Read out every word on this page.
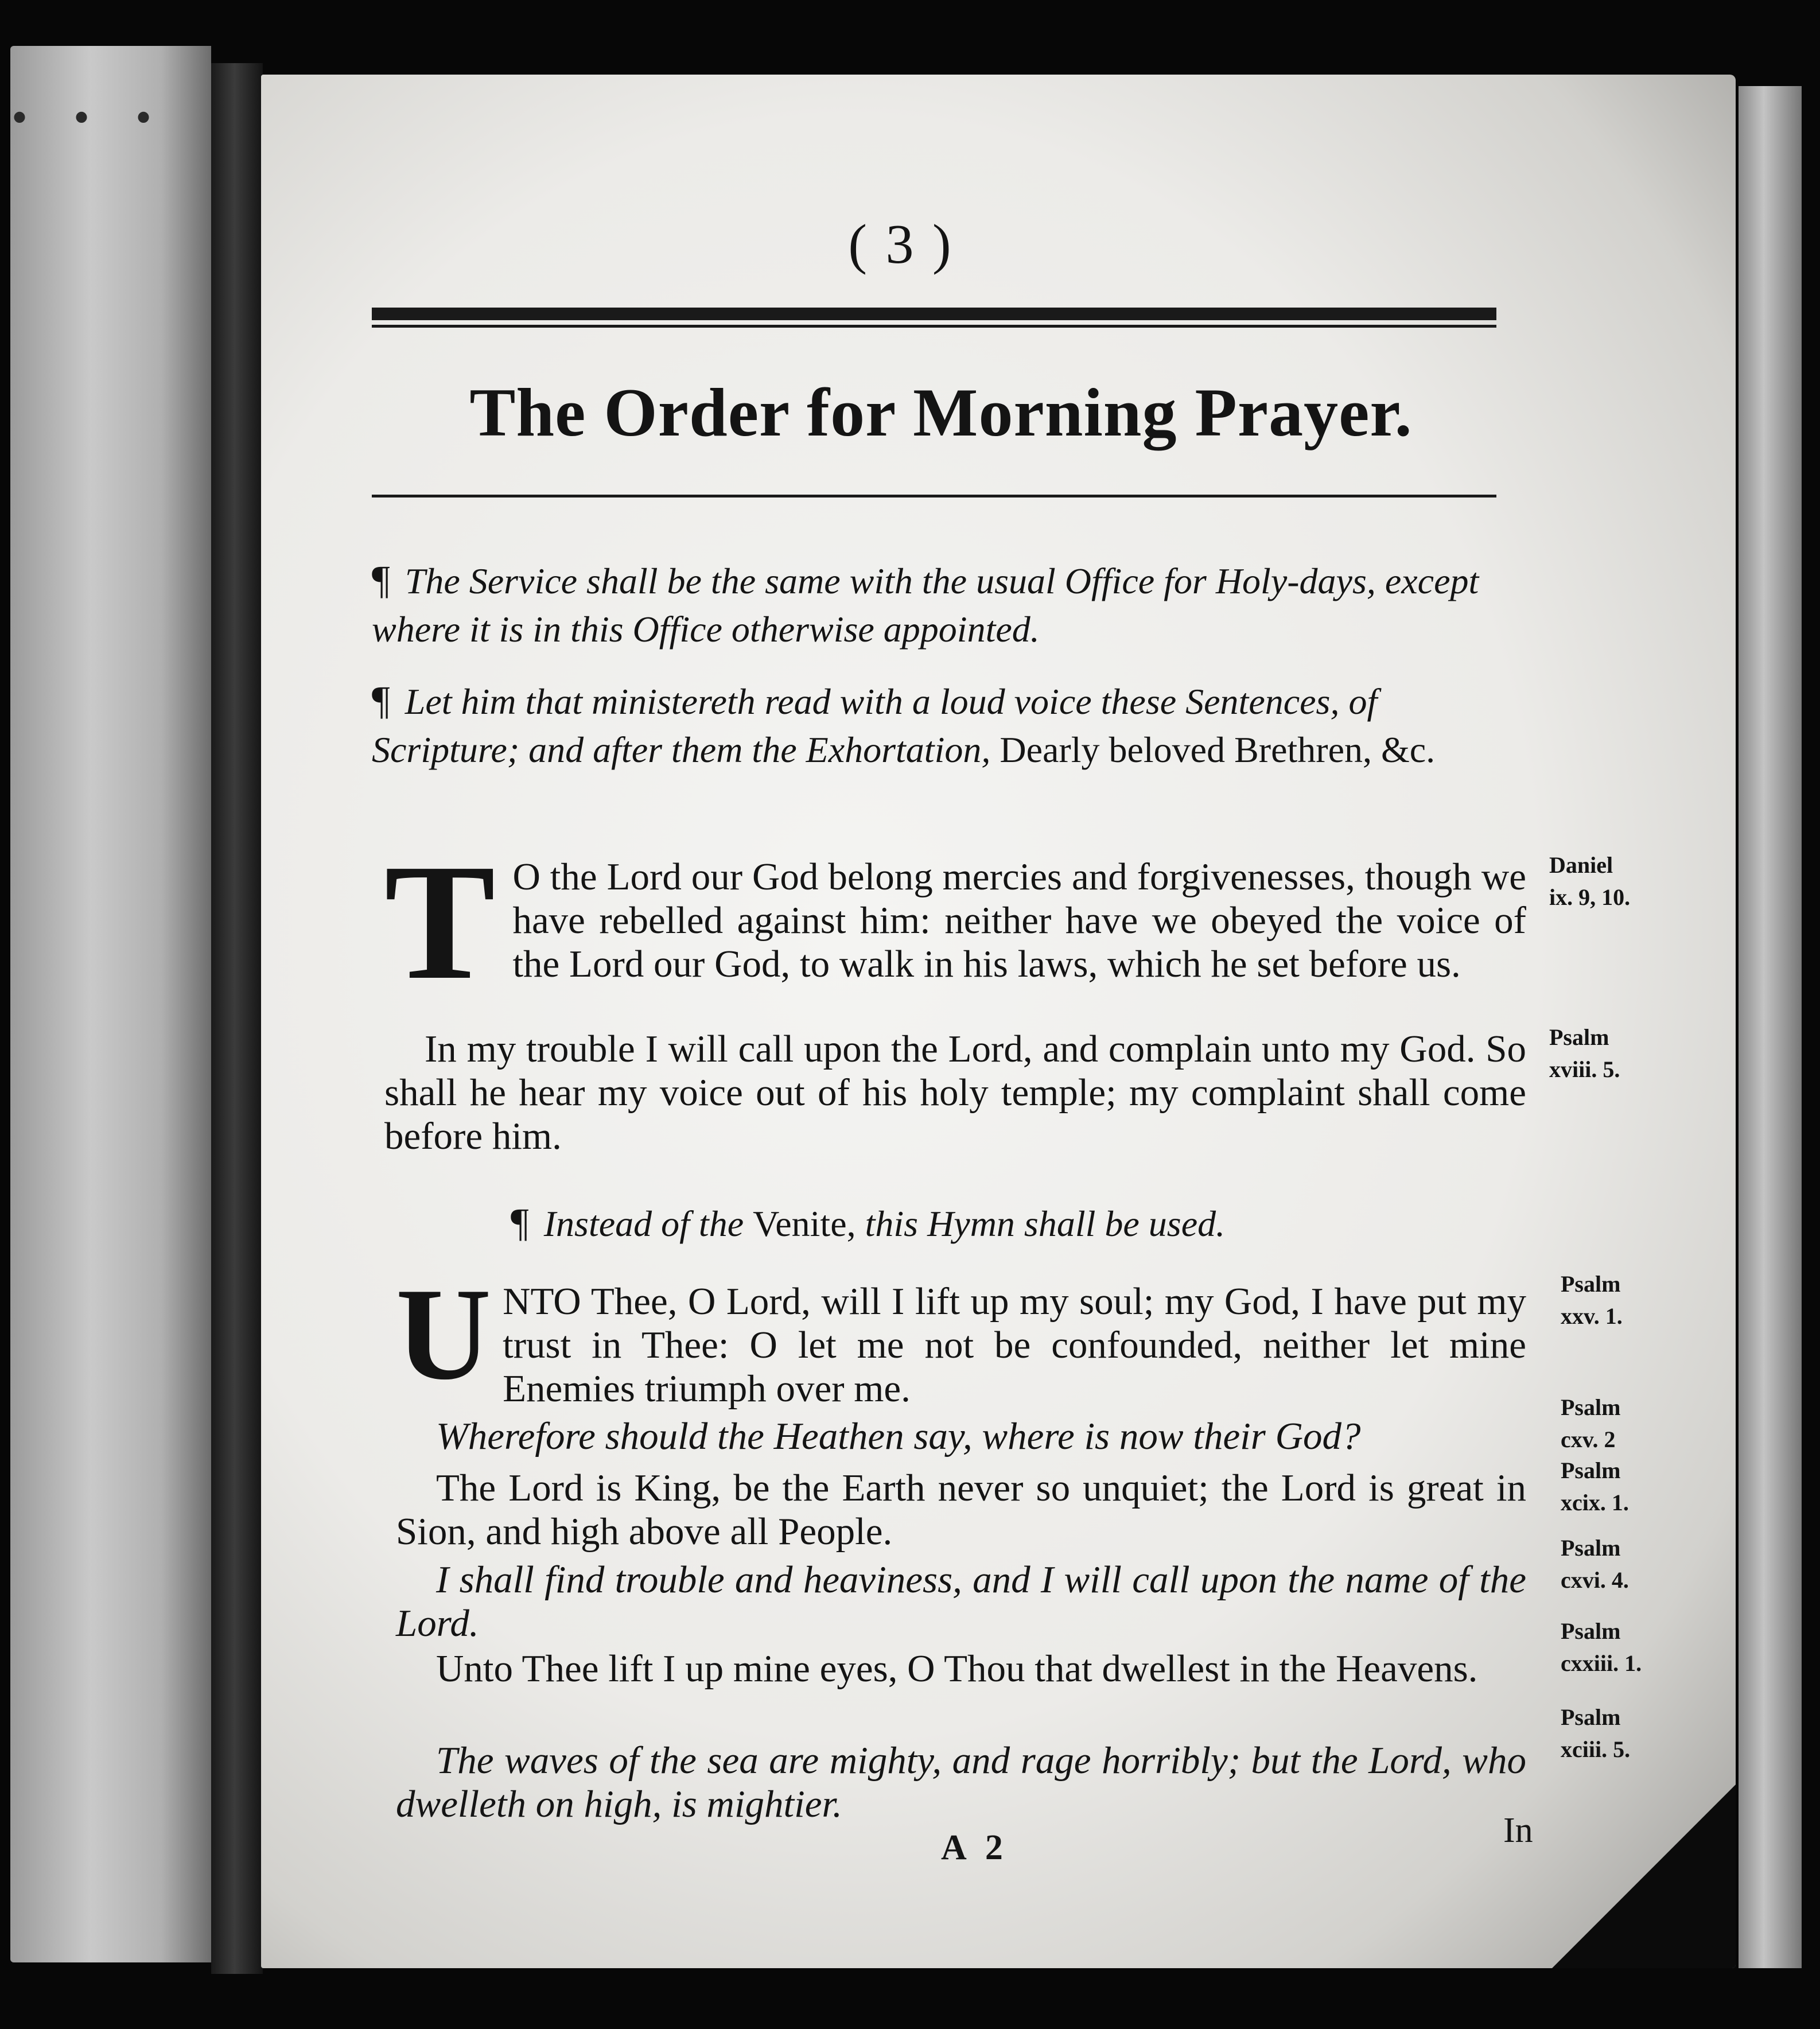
• • •
( 3 )
The Order for Morning Prayer.
¶ The Service shall be the same with the usual Office for Holy-days, except where it is in this Office otherwise appointed.
¶ Let him that ministereth read with a loud voice these Sentences, of Scripture; and after them the Exhortation, Dearly beloved Brethren, &c.
T O the Lord our God belong mercies and forgivenesses, though we have rebelled against him: neither have we obeyed the voice of the Lord our God, to walk in his laws, which he set before us.
Daniel
ix. 9, 10.
In my trouble I will call upon the Lord, and complain unto my God. So shall he hear my voice out of his holy temple; my complaint shall come before him.
Psalm
xviii. 5.
¶ Instead of the Venite, this Hymn shall be used.
UNTO Thee, O Lord, will I lift up my soul; my God, I have put my trust in Thee: O let me not be confounded, neither let mine Enemies triumph over me.
Psalm
xxv. 1.
Wherefore should the Heathen say, where is now their God?
Psalm
cxv. 2
The Lord is King, be the Earth never so unquiet; the Lord is great in Sion, and high above all People.
Psalm
xcix. 1.
I shall find trouble and heaviness, and I will call upon the name of the Lord.
Psalm
cxvi. 4.
Unto Thee lift I up mine eyes, O Thou that dwellest in the Heavens.
Psalm
cxxiii. 1.
The waves of the sea are mighty, and rage horribly; but the Lord, who dwelleth on high, is mightier.
Psalm
xciii. 5.
A 2	In
